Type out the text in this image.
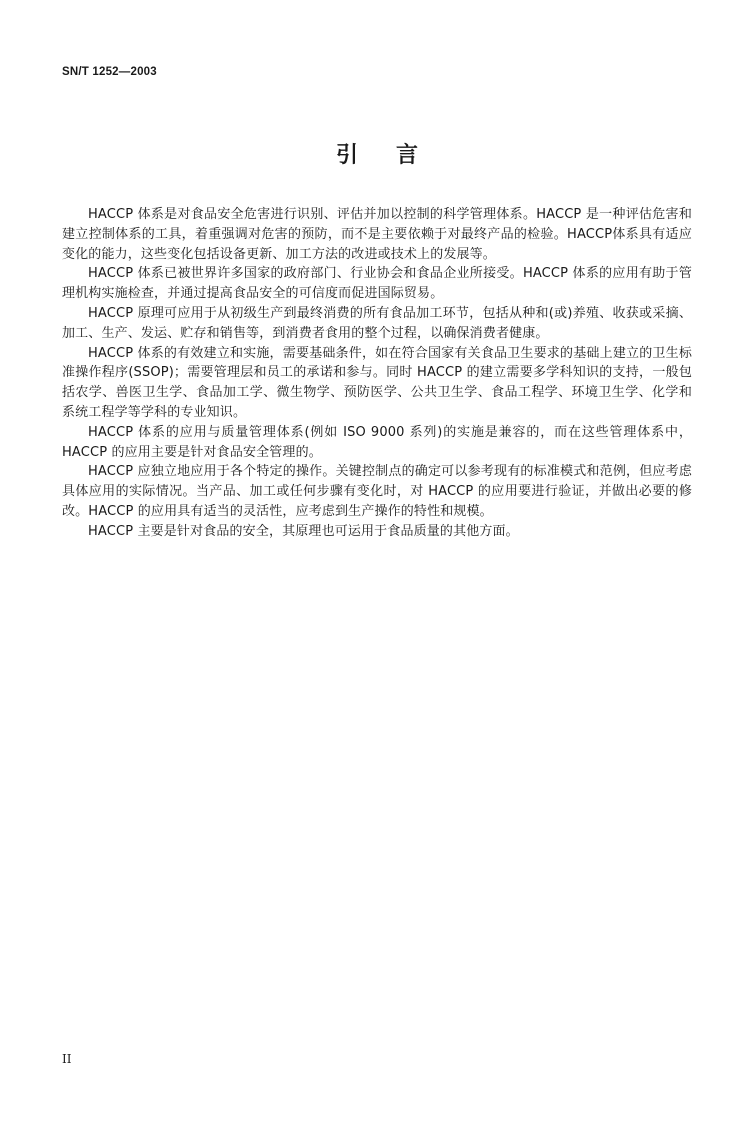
SN/T 1252—2003
引言

HACCP 体系是对食品安全危害进行识别、评估并加以控制的科学管理体系。HACCP 是一种评估危害和建立控制体系的工具，着重强调对危害的预防，而不是主要依赖于对最终产品的检验。HACCP体系具有适应变化的能力，这些变化包括设备更新、加工方法的改进或技术上的发展等。

HACCP 体系已被世界许多国家的政府部门、行业协会和食品企业所接受。HACCP 体系的应用有助于管理机构实施检查，并通过提高食品安全的可信度而促进国际贸易。

HACCP 原理可应用于从初级生产到最终消费的所有食品加工环节，包括从种和(或)养殖、收获或采摘、加工、生产、发运、贮存和销售等，到消费者食用的整个过程，以确保消费者健康。

HACCP 体系的有效建立和实施，需要基础条件，如在符合国家有关食品卫生要求的基础上建立的卫生标准操作程序(SSOP)；需要管理层和员工的承诺和参与。同时 HACCP 的建立需要多学科知识的支持，一般包括农学、兽医卫生学、食品加工学、微生物学、预防医学、公共卫生学、食品工程学、环境卫生学、化学和系统工程学等学科的专业知识。

HACCP 体系的应用与质量管理体系(例如 ISO 9000 系列)的实施是兼容的，而在这些管理体系中，HACCP 的应用主要是针对食品安全管理的。

HACCP 应独立地应用于各个特定的操作。关键控制点的确定可以参考现有的标准模式和范例，但应考虑具体应用的实际情况。当产品、加工或任何步骤有变化时，对 HACCP 的应用要进行验证，并做出必要的修改。HACCP 的应用具有适当的灵活性，应考虑到生产操作的特性和规模。

HACCP 主要是针对食品的安全，其原理也可运用于食品质量的其他方面。

II
